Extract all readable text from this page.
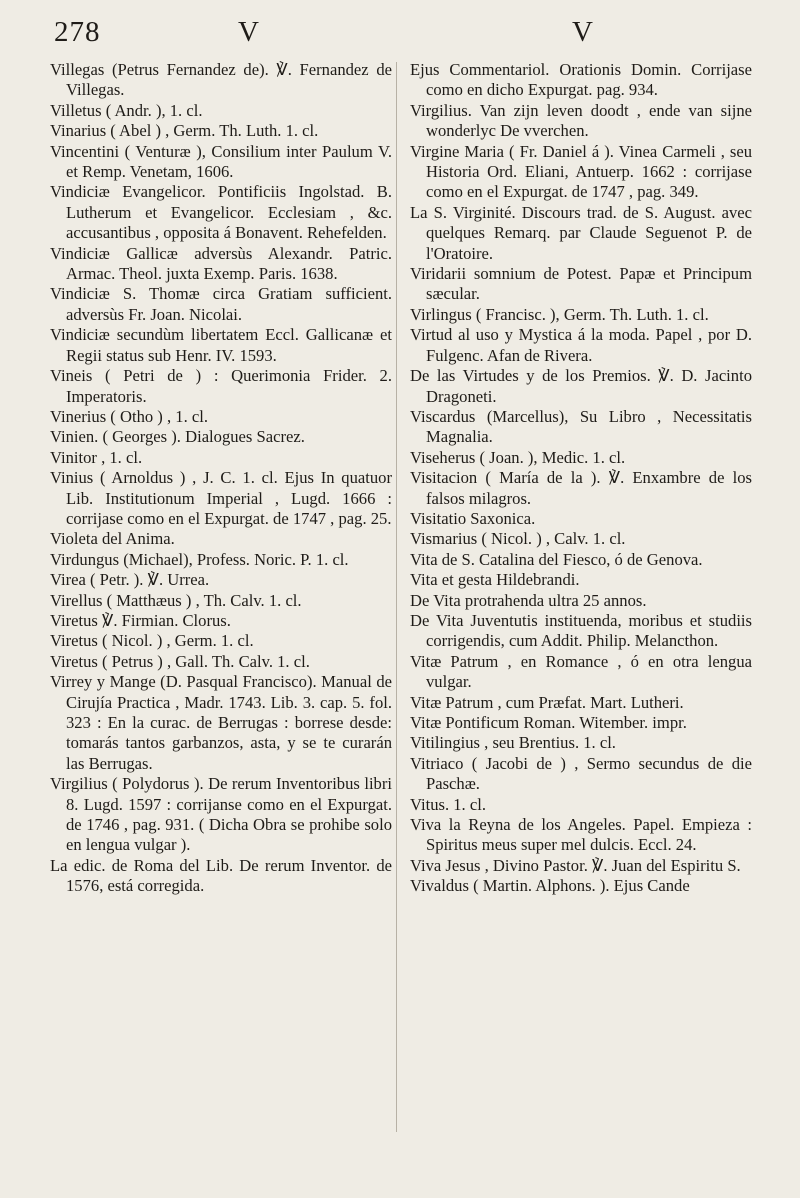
278	V	V

Villegas (Petrus Fernandez de). ℣. Fernandez de Villegas.

Villetus ( Andr. ), 1. cl.

Vinarius ( Abel ) , Germ. Th. Luth. 1. cl.

Vincentini ( Venturæ ), Consilium inter Paulum V. et Remp. Venetam, 1606.

Vindiciæ Evangelicor. Pontificiis Ingolstad. B. Lutherum et Evangelicor. Ecclesiam , &c. accusantibus , opposita á Bonavent. Rehefelden.

Vindiciæ Gallicæ adversùs Alexandr. Patric. Armac. Theol. juxta Exemp. Paris. 1638.

Vindiciæ S. Thomæ circa Gratiam sufficient. adversùs Fr. Joan. Nicolai.

Vindiciæ secundùm libertatem Eccl. Gallicanæ et Regii status sub Henr. IV. 1593.

Vineis ( Petri de ) : Querimonia Frider. 2. Imperatoris.

Vinerius ( Otho ) , 1. cl.

Vinien. ( Georges ). Dialogues Sacrez.

Vinitor , 1. cl.

Vinius ( Arnoldus ) , J. C. 1. cl. Ejus In quatuor Lib. Institutionum Imperial , Lugd. 1666 : corrijase como en el Expurgat. de 1747 , pag. 25.

Violeta del Anima.

Virdungus (Michael), Profess. Noric. P. 1. cl.

Virea ( Petr. ). ℣. Urrea.

Virellus ( Matthæus ) , Th. Calv. 1. cl.

Viretus ℣. Firmian. Clorus.

Viretus ( Nicol. ) , Germ. 1. cl.

Viretus ( Petrus ) , Gall. Th. Calv. 1. cl.

Virrey y Mange (D. Pasqual Francisco). Manual de Cirujía Practica , Madr. 1743. Lib. 3. cap. 5. fol. 323 : En la curac. de Berrugas : borrese desde: tomarás tantos garbanzos, asta, y se te curarán las Berrugas.

Virgilius ( Polydorus ). De rerum Inventoribus libri 8. Lugd. 1597 : corrijanse como en el Expurgat. de 1746 , pag. 931. ( Dicha Obra se prohibe solo en lengua vulgar ).

La edic. de Roma del Lib. De rerum Inventor. de 1576, está corregida.

Ejus Commentariol. Orationis Domin. Corrijase como en dicho Expurgat. pag. 934.

Virgilius. Van zijn leven doodt , ende van sijne wonderlyc De vverchen.

Virgine Maria ( Fr. Daniel á ). Vinea Carmeli , seu Historia Ord. Eliani, Antuerp. 1662 : corrijase como en el Expurgat. de 1747 , pag. 349.

La S. Virginité. Discours trad. de S. August. avec quelques Remarq. par Claude Seguenot P. de l'Oratoire.

Viridarii somnium de Potest. Papæ et Principum sæcular.

Virlingus ( Francisc. ), Germ. Th. Luth. 1. cl.

Virtud al uso y Mystica á la moda. Papel , por D. Fulgenc. Afan de Rivera.

De las Virtudes y de los Premios. ℣. D. Jacinto Dragoneti.

Viscardus (Marcellus), Su Libro , Necessitatis Magnalia.

Viseherus ( Joan. ), Medic. 1. cl.

Visitacion ( María de la ). ℣. Enxambre de los falsos milagros.

Visitatio Saxonica.

Vismarius ( Nicol. ) , Calv. 1. cl.

Vita de S. Catalina del Fiesco, ó de Genova.

Vita et gesta Hildebrandi.

De Vita protrahenda ultra 25 annos.

De Vita Juventutis instituenda, moribus et studiis corrigendis, cum Addit. Philip. Melancthon.

Vitæ Patrum , en Romance , ó en otra lengua vulgar.

Vitæ Patrum , cum Præfat. Mart. Lutheri.

Vitæ Pontificum Roman. Witember. impr.

Vitilingius , seu Brentius. 1. cl.

Vitriaco ( Jacobi de ) , Sermo secundus de die Paschæ.

Vitus. 1. cl.

Viva la Reyna de los Angeles. Papel. Empieza : Spiritus meus super mel dulcis. Eccl. 24.

Viva Jesus , Divino Pastor. ℣. Juan del Espiritu S.

Vivaldus ( Martin. Alphons. ). Ejus Cande
